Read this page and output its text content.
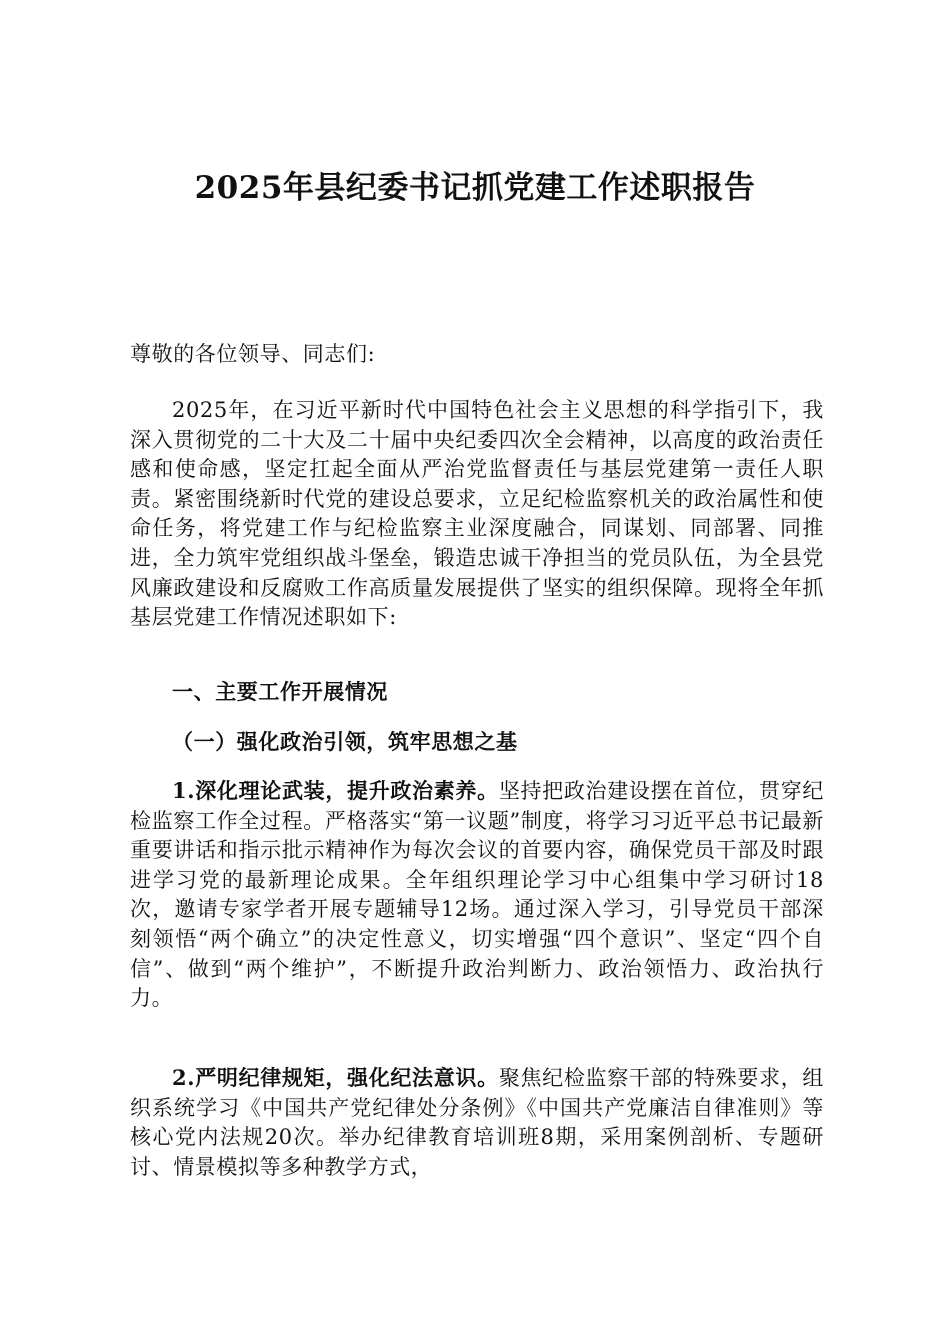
2025年县纪委书记抓党建工作述职报告

尊敬的各位领导、同志们:

2025年，在习近平新时代中国特色社会主义思想的科学指引下，我深入贯彻党的二十大及二十届中央纪委四次全会精神，以高度的政治责任感和使命感，坚定扛起全面从严治党监督责任与基层党建第一责任人职责。紧密围绕新时代党的建设总要求，立足纪检监察机关的政治属性和使命任务，将党建工作与纪检监察主业深度融合，同谋划、同部署、同推进，全力筑牢党组织战斗堡垒，锻造忠诚干净担当的党员队伍，为全县党风廉政建设和反腐败工作高质量发展提供了坚实的组织保障。现将全年抓基层党建工作情况述职如下:

一、主要工作开展情况

（一）强化政治引领，筑牢思想之基

1.深化理论武装，提升政治素养。坚持把政治建设摆在首位，贯穿纪检监察工作全过程。严格落实“第一议题”制度，将学习习近平总书记最新重要讲话和指示批示精神作为每次会议的首要内容，确保党员干部及时跟进学习党的最新理论成果。全年组织理论学习中心组集中学习研讨18次，邀请专家学者开展专题辅导12场。通过深入学习，引导党员干部深刻领悟“两个确立”的决定性意义，切实增强“四个意识”、坚定“四个自信”、做到“两个维护”，不断提升政治判断力、政治领悟力、政治执行力。

2.严明纪律规矩，强化纪法意识。聚焦纪检监察干部的特殊要求，组织系统学习《中国共产党纪律处分条例》《中国共产党廉洁自律准则》等核心党内法规20次。举办纪律教育培训班8期，采用案例剖析、专题研讨、情景模拟等多种教学方式，
